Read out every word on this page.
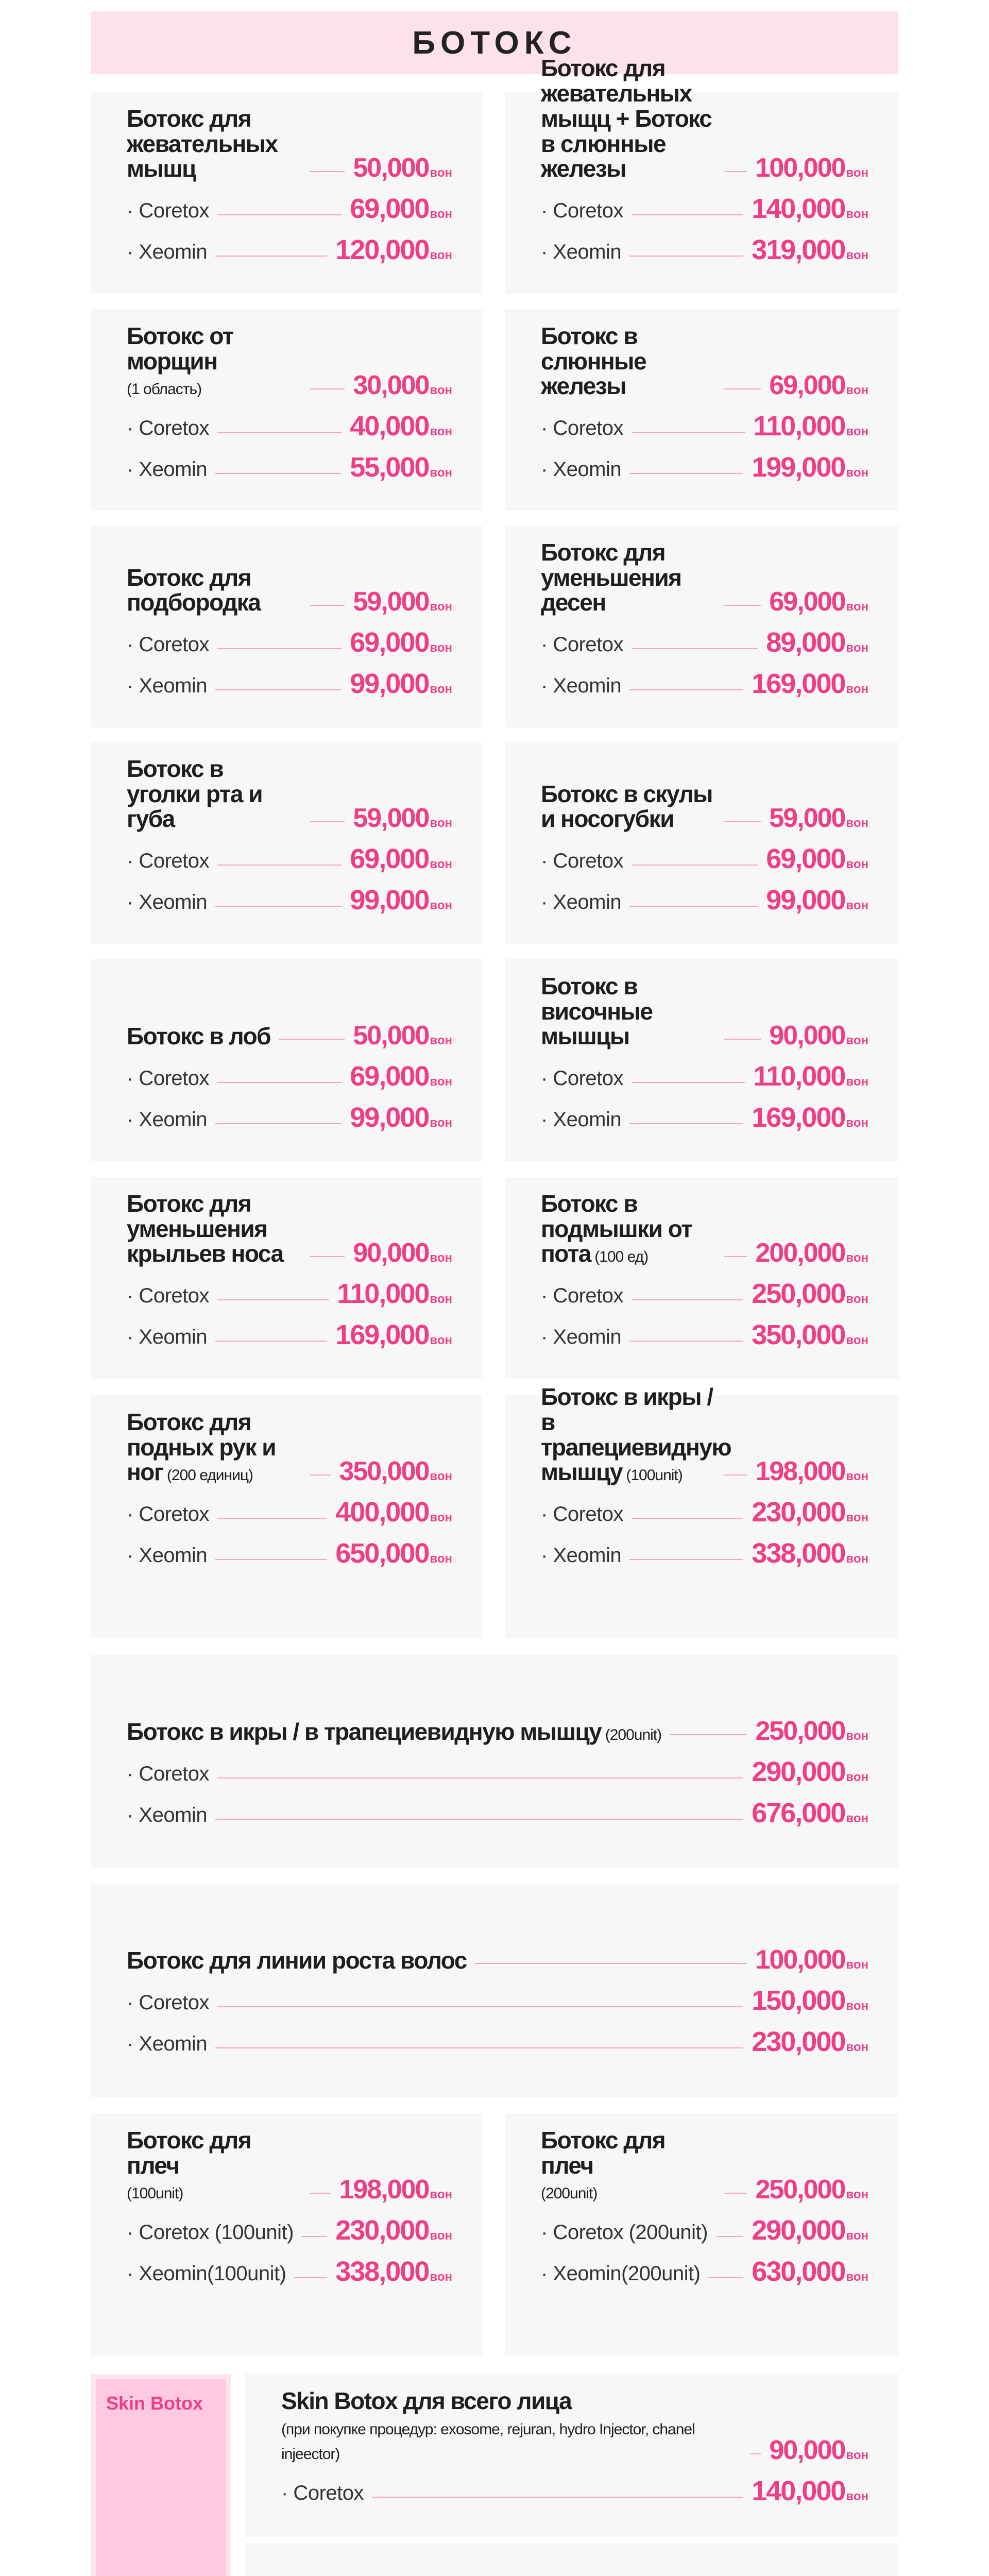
БОТОКС
Ботокс для жевательных мышц	50,000вон
· Coretox	69,000вон
· Xeomin	120,000вон
Ботокс для жевательных мыщц + Ботокс в слюнные железы	100,000вон
· Coretox	140,000вон
· Xeomin	319,000вон
Ботокс от морщин
(1 область)	30,000вон
· Coretox	40,000вон
· Xeomin	55,000вон
Ботокс в слюнные железы	69,000вон
· Coretox	110,000вон
· Xeomin	199,000вон
Ботокс для подбородка	59,000вон
· Coretox	69,000вон
· Xeomin	99,000вон
Ботокс для уменьшения десен	69,000вон
· Coretox	89,000вон
· Xeomin	169,000вон
Ботокс в уголки рта и губа	59,000вон
· Coretox	69,000вон
· Xeomin	99,000вон
Ботокс в скулы и носогубки	59,000вон
· Coretox	69,000вон
· Xeomin	99,000вон
Ботокс в лоб	50,000вон
· Coretox	69,000вон
· Xeomin	99,000вон
Ботокс в височные мышцы	90,000вон
· Coretox	110,000вон
· Xeomin	169,000вон
Ботокс для уменьшения крыльев носа	90,000вон
· Coretox	110,000вон
· Xeomin	169,000вон
Ботокс в подмышки от пота (100 ед)	200,000вон
· Coretox	250,000вон
· Xeomin	350,000вон
Ботокс для подных рук и ног (200 единиц)	350,000вон
· Coretox	400,000вон
· Xeomin	650,000вон
Ботокс в икры / в трапециевидную мышцу (100unit)	198,000вон
· Coretox	230,000вон
· Xeomin	338,000вон
Ботокс в икры / в трапециевидную мышцу (200unit)	250,000вон
· Coretox	290,000вон
· Xeomin	676,000вон
Ботокс для линии роста волос	100,000вон
· Coretox	150,000вон
· Xeomin	230,000вон
Ботокс для плеч
(100unit)	198,000вон
· Coretox (100unit) 230,000вон
· Xeomin(100unit) 338,000вон
Ботокс для плеч
(200unit)	250,000вон
· Coretox (200unit) 290,000вон
· Xeomin(200unit) 630,000вон
Skin Botox для всего лица
(при покупке процедур: exosome, rejuran, hydro Injector, chanel injeector)	90,000вон
· Coretox	140,000вон
Skin Botox
